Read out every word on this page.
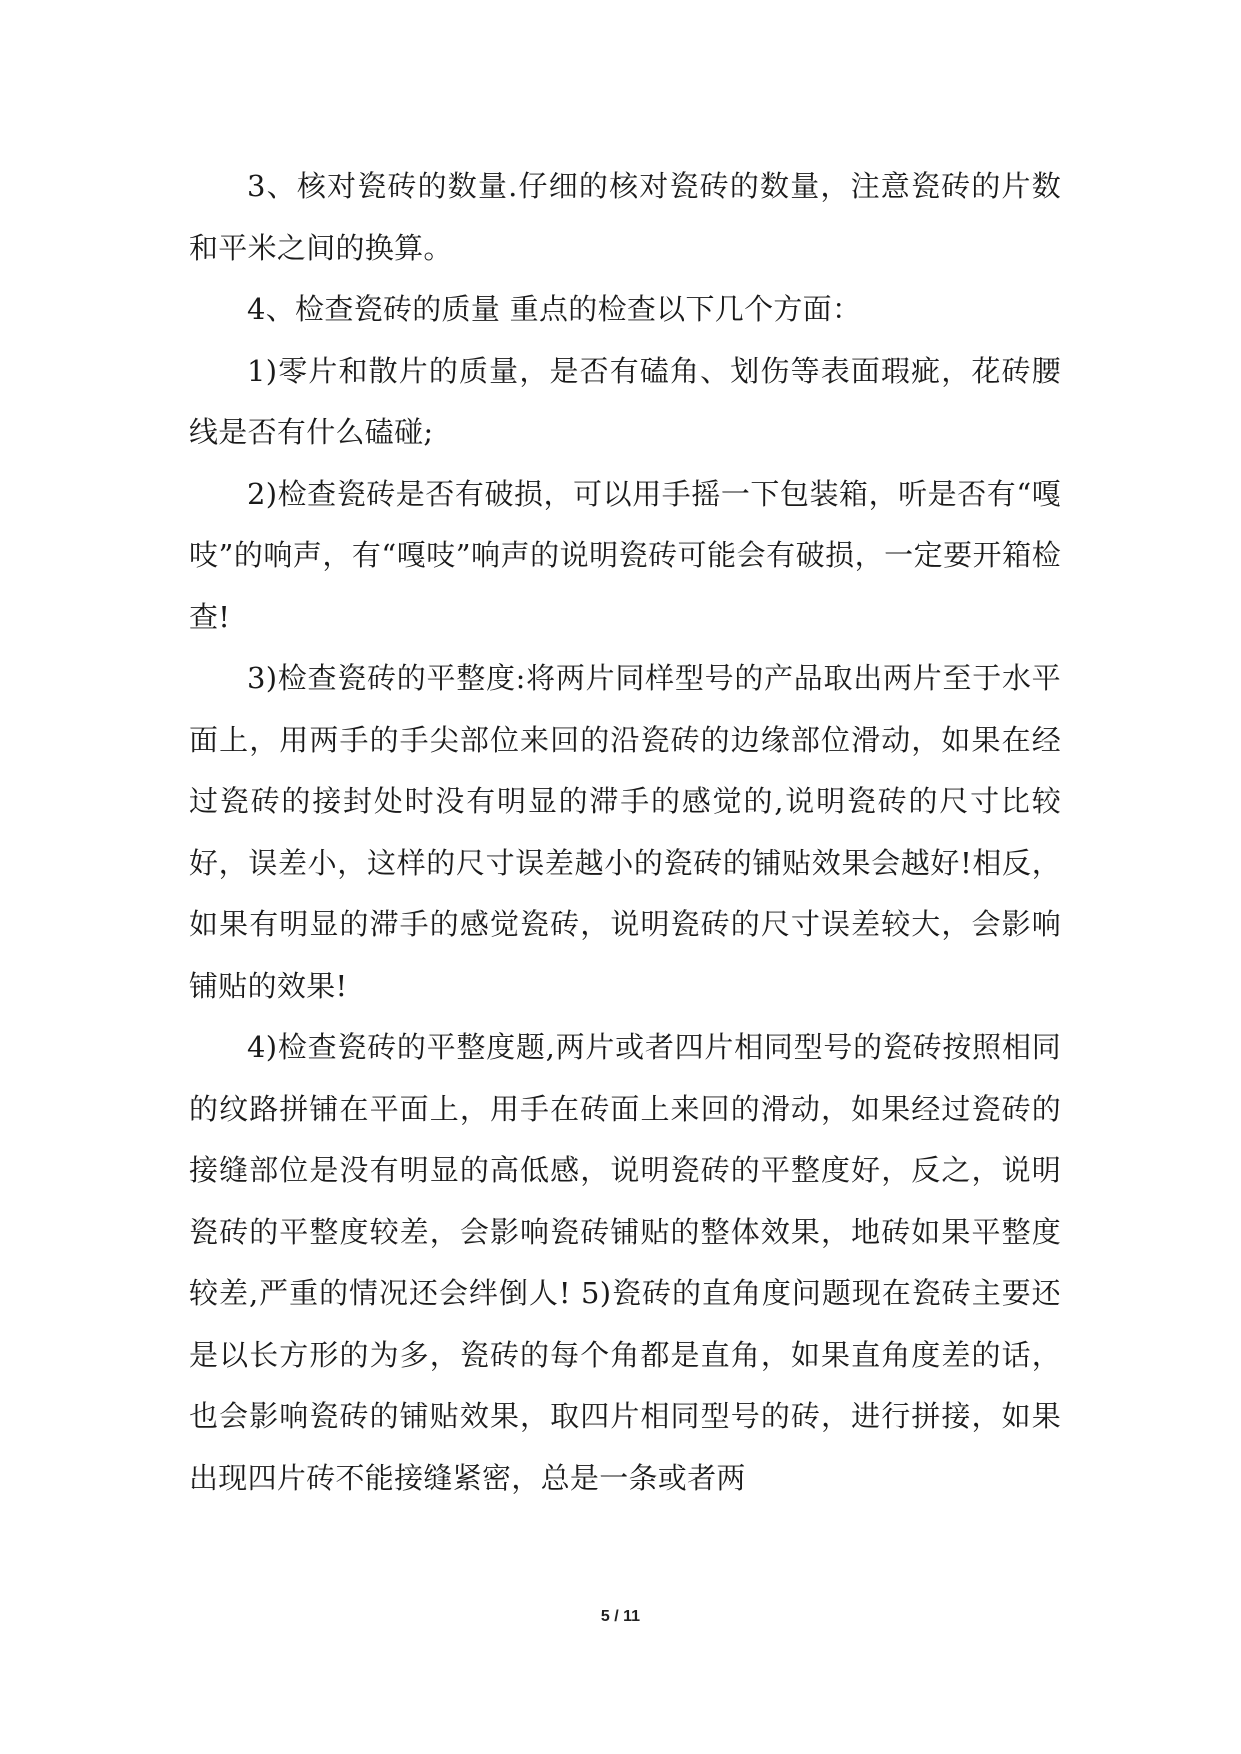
3、核对瓷砖的数量.仔细的核对瓷砖的数量，注意瓷砖的片数和平米之间的换算。

4、检查瓷砖的质量 重点的检查以下几个方面：

1)零片和散片的质量，是否有磕角、划伤等表面瑕疵，花砖腰线是否有什么磕碰;

2)检查瓷砖是否有破损，可以用手摇一下包装箱，听是否有“嘎吱”的响声，有“嘎吱”响声的说明瓷砖可能会有破损，一定要开箱检查!

3)检查瓷砖的平整度:将两片同样型号的产品取出两片至于水平面上，用两手的手尖部位来回的沿瓷砖的边缘部位滑动，如果在经过瓷砖的接封处时没有明显的滞手的感觉的,说明瓷砖的尺寸比较好，误差小，这样的尺寸误差越小的瓷砖的铺贴效果会越好!相反，如果有明显的滞手的感觉瓷砖，说明瓷砖的尺寸误差较大，会影响铺贴的效果!

4)检查瓷砖的平整度题,两片或者四片相同型号的瓷砖按照相同的纹路拼铺在平面上，用手在砖面上来回的滑动，如果经过瓷砖的接缝部位是没有明显的高低感，说明瓷砖的平整度好，反之，说明瓷砖的平整度较差，会影响瓷砖铺贴的整体效果，地砖如果平整度较差,严重的情况还会绊倒人! 5)瓷砖的直角度问题现在瓷砖主要还是以长方形的为多，瓷砖的每个角都是直角，如果直角度差的话，也会影响瓷砖的铺贴效果，取四片相同型号的砖，进行拼接，如果出现四片砖不能接缝紧密，总是一条或者两

5 / 11
